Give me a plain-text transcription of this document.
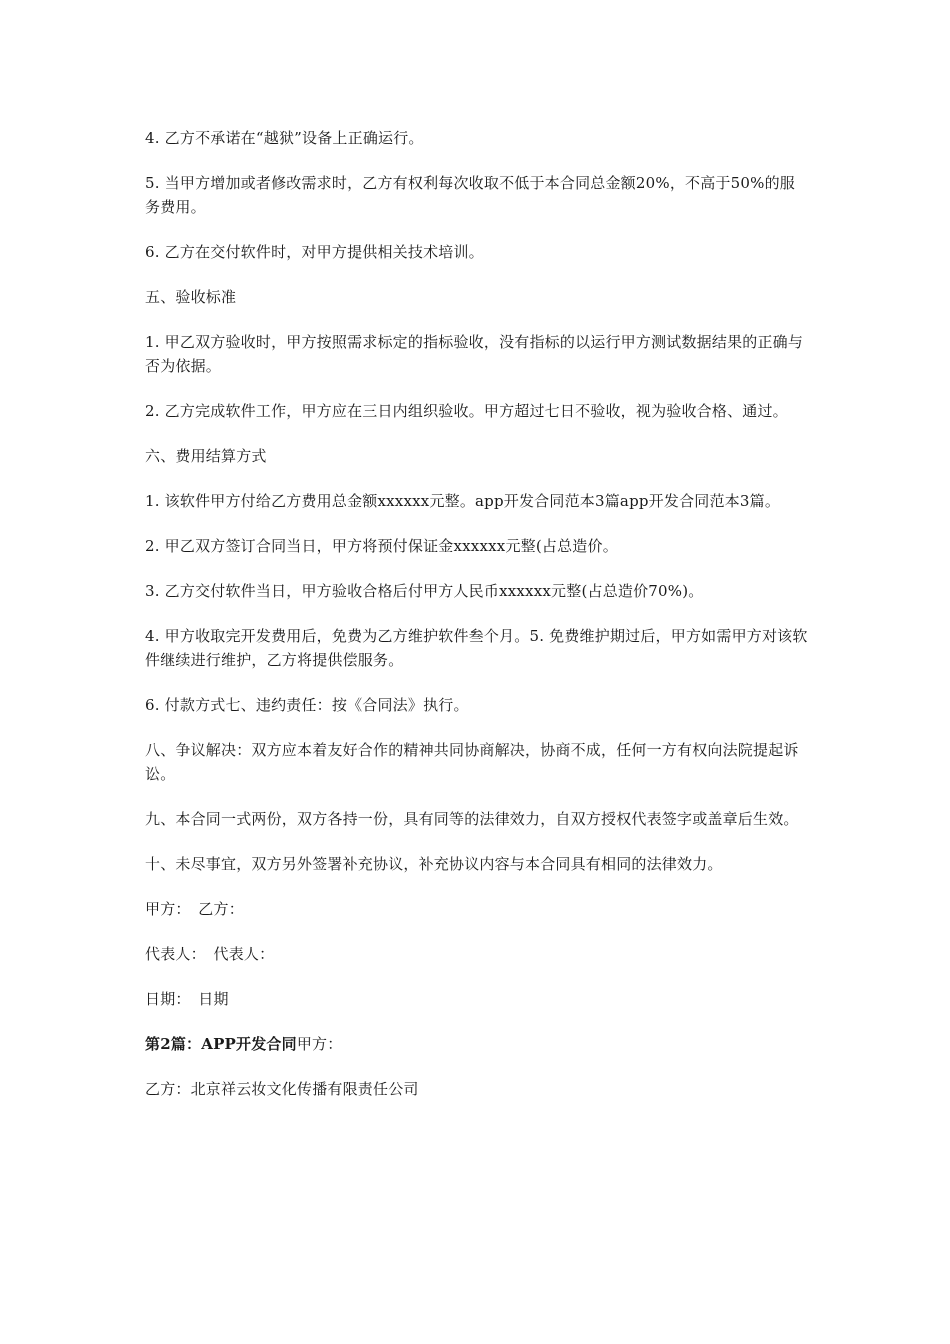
4. 乙方不承诺在“越狱”设备上正确运行。

5. 当甲方增加或者修改需求时，乙方有权利每次收取不低于本合同总金额20%，不高于50%的服务费用。

6. 乙方在交付软件时，对甲方提供相关技术培训。

五、验收标准

1. 甲乙双方验收时，甲方按照需求标定的指标验收，没有指标的以运行甲方测试数据结果的正确与否为依据。

2. 乙方完成软件工作，甲方应在三日内组织验收。甲方超过七日不验收，视为验收合格、通过。

六、费用结算方式

1. 该软件甲方付给乙方费用总金额xxxxxx元整。app开发合同范本3篇app开发合同范本3篇。

2. 甲乙双方签订合同当日，甲方将预付保证金xxxxxx元整(占总造价。

3. 乙方交付软件当日，甲方验收合格后付甲方人民币xxxxxx元整(占总造价70%)。

4. 甲方收取完开发费用后，免费为乙方维护软件叁个月。5. 免费维护期过后，甲方如需甲方对该软件继续进行维护，乙方将提供偿服务。

6. 付款方式七、违约责任：按《合同法》执行。

八、争议解决：双方应本着友好合作的精神共同协商解决，协商不成，任何一方有权向法院提起诉讼。

九、本合同一式两份，双方各持一份，具有同等的法律效力，自双方授权代表签字或盖章后生效。

十、未尽事宜，双方另外签署补充协议，补充协议内容与本合同具有相同的法律效力。

甲方：　乙方：

代表人：　代表人：

日期：　日期

第2篇：APP开发合同甲方：

乙方：北京祥云妆文化传播有限责任公司
